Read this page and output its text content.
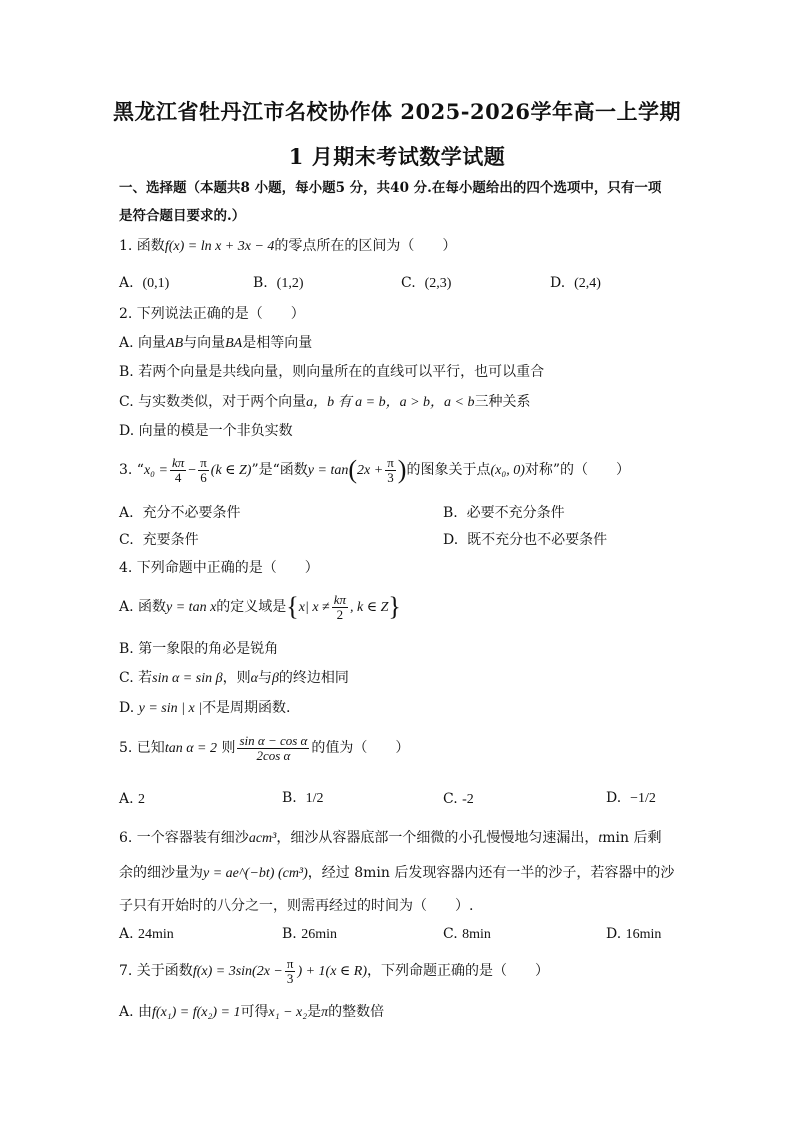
黑龙江省牡丹江市名校协作体 2025-2026学年高一上学期
1 月期末考试数学试题
一、选择题（本题共8 小题，每小题5 分，共40 分.在每小题给出的四个选项中，只有一项
是符合题目要求的.）
1. 函数f(x) = ln x + 3x − 4的零点所在的区间为（　　）
A. (0,1)	B. (1,2)	C. (2,3)	D. (2,4)
2. 下列说法正确的是（　　）
A. 向量AB与向量BA是相等向量
B. 若两个向量是共线向量，则向量所在的直线可以平行，也可以重合
C. 与实数类似，对于两个向量a，b 有 a = b，a > b，a < b三种关系
D. 向量的模是一个非负实数
3. “$x_0 = \frac{k\pi}{4} - \frac{\pi}{6} (k$ ∈ Z)”是“函数$y = \tan(2x + \frac{\pi}{3}$ )的图象关于点(x₀, 0)对称”的（　　）
A. 充分不必要条件	B. 必要不充分条件
C. 充要条件	D. 既不充分也不必要条件
4. 下列命题中正确的是（　　）
A. 函数y = tan x的定义域是{x| $x \ne \frac{k\pi}{2}$ , k ∈ Z}
B. 第一象限的角必是锐角
C. 若sin α = sin β，则α与β的终边相同
D. y = sin | x |不是周期函数.
5. 已知tan α = 2 则 $\frac{\text{sin α − cos α}}{\text{2cos α}}$ 的值为（　　）
A. 2	B. 1/2	C. -2	D. −1/2
6. 一个容器装有细沙acm³，细沙从容器底部一个细微的小孔慢慢地匀速漏出，tmin 后剩
余的细沙量为y = ae^(−bt) (cm³)，经过 8min 后发现容器内还有一半的沙子，若容器中的沙
子只有开始时的八分之一，则需再经过的时间为（　　）.
A. 24min	B. 26min	C. 8min	D. 16min
7. 关于函数$f(x) = 3\sin(2x - \frac{\pi}{3}$ ) + 1(x ∈ R)，下列命题正确的是（　　）
A. 由f(x₁) = f(x₂) = 1可得x₁ − x₂是π的整数倍
